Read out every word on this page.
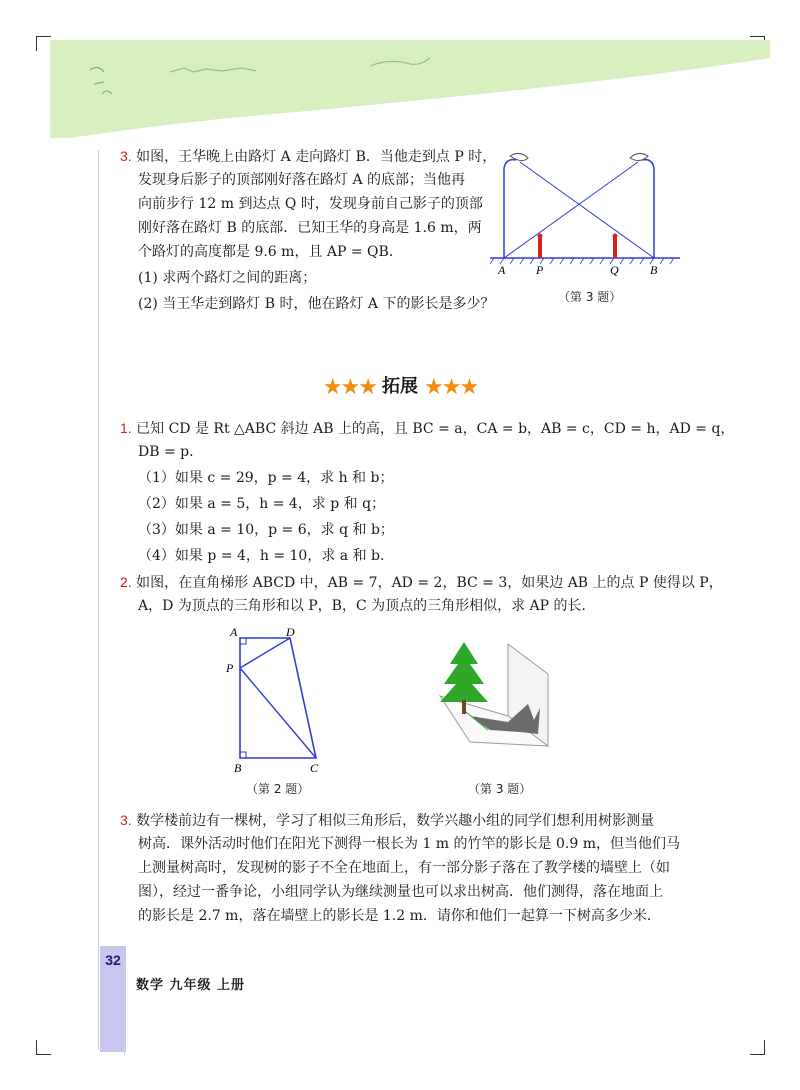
3. 如图，王华晚上由路灯 A 走向路灯 B．当他走到点 P 时，

发现身后影子的顶部刚好落在路灯 A 的底部；当他再

向前步行 12 m 到达点 Q 时，发现身前自己影子的顶部

刚好落在路灯 B 的底部．已知王华的身高是 1.6 m，两

个路灯的高度都是 9.6 m，且 AP = QB．

(1) 求两个路灯之间的距离；

(2) 当王华走到路灯 B 时，他在路灯 A 下的影长是多少？

A	P	Q	B
（第 3 题）
★★★ 拓展 ★★★

1. 已知 CD 是 Rt △ABC 斜边 AB 上的高，且 BC = a，CA = b，AB = c，CD = h，AD = q，

DB = p.

（1）如果 c = 29，p = 4，求 h 和 b；

（2）如果 a = 5，h = 4，求 p 和 q；

（3）如果 a = 10，p = 6，求 q 和 b；

（4）如果 p = 4，h = 10，求 a 和 b.

2. 如图，在直角梯形 ABCD 中，AB = 7，AD = 2，BC = 3，如果边 AB 上的点 P 使得以 P，

A，D 为顶点的三角形和以 P，B，C 为顶点的三角形相似，求 AP 的长．

A	D
P
B	C
（第 2 题）	（第 3 题）

3. 数学楼前边有一棵树，学习了相似三角形后，数学兴趣小组的同学们想利用树影测量

树高．课外活动时他们在阳光下测得一根长为 1 m 的竹竿的影长是 0.9 m，但当他们马

上测量树高时，发现树的影子不全在地面上，有一部分影子落在了教学楼的墙壁上（如

图），经过一番争论，小组同学认为继续测量也可以求出树高．他们测得，落在地面上

的影长是 2.7 m，落在墙壁上的影长是 1.2 m．请你和他们一起算一下树高多少米．

32
数学 九年级 上册
